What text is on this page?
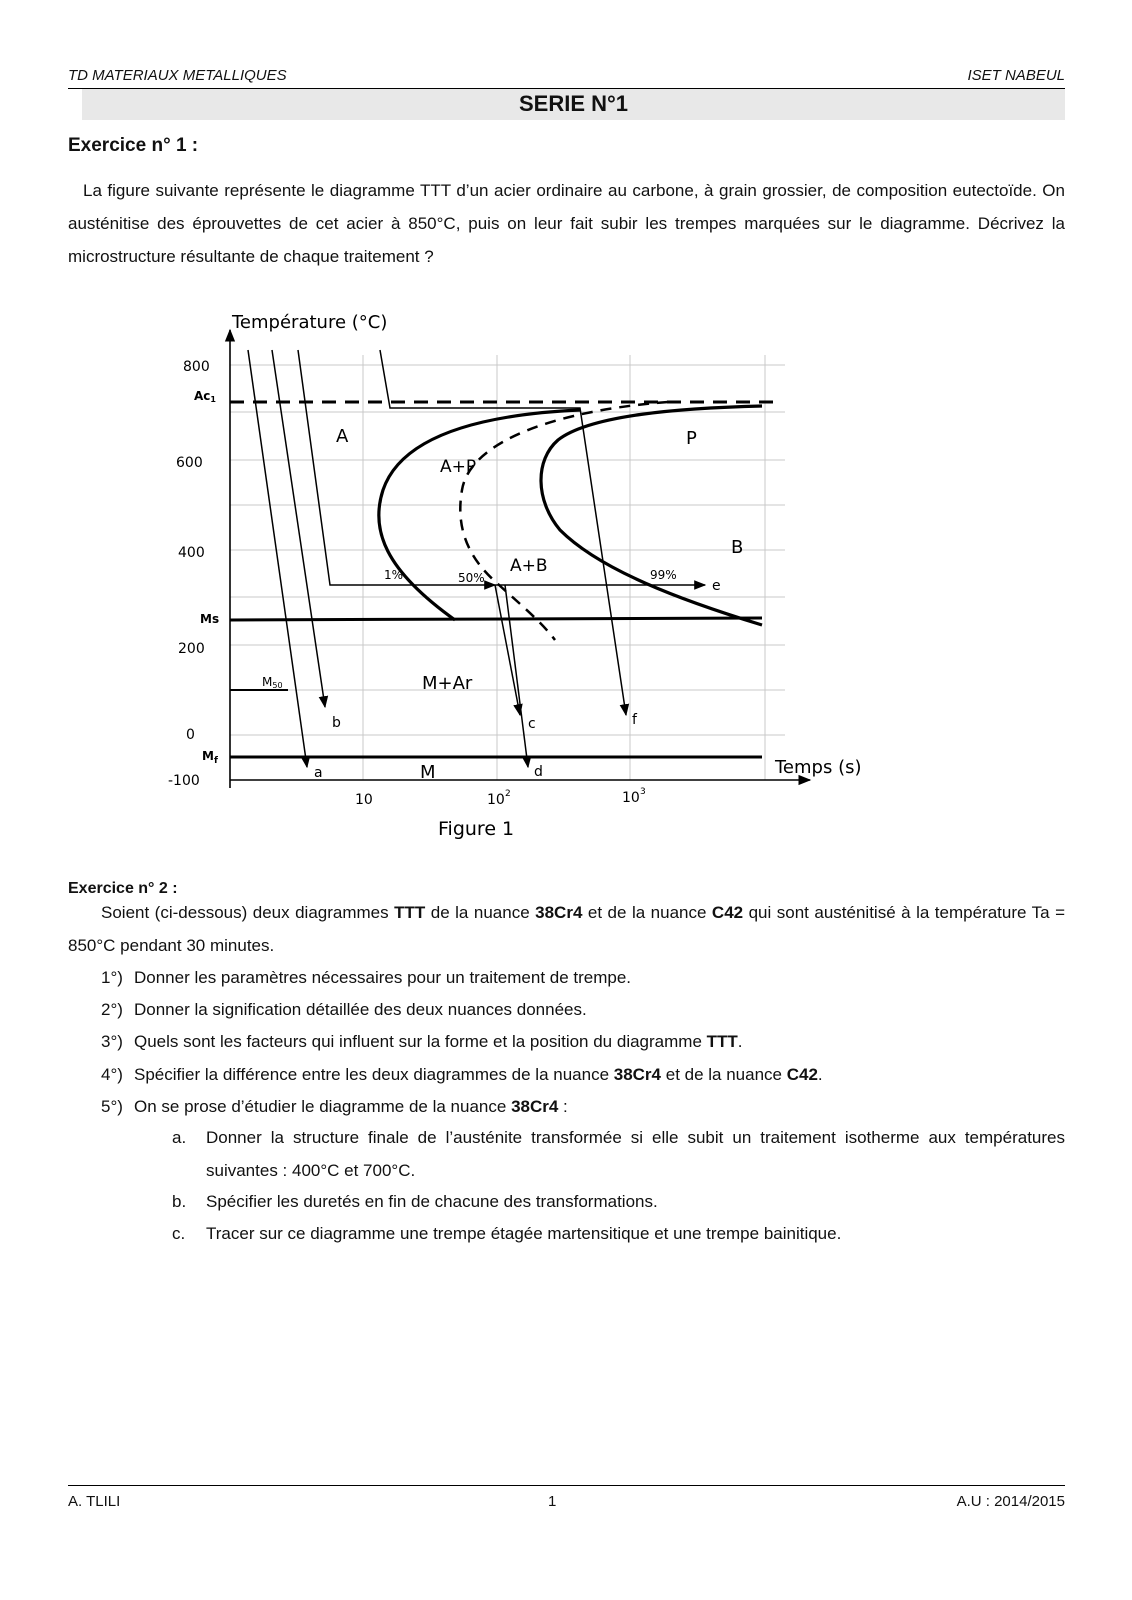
TD MATERIAUX METALLIQUES	ISET NABEUL
SERIE N°1
Exercice n° 1 :
La figure suivante représente le diagramme TTT d’un acier ordinaire au carbone, à grain grossier, de composition eutectoïde. On austénitise des éprouvettes de cet acier à 850°C, puis on leur fait subir les trempes marquées sur le diagramme. Décrivez la microstructure résultante de chaque traitement ?
Température (°C)
Temps (s)
800
600
400
200
0
-100
10	10 2	10 3
Ac1
Ms
$M_f$
M50
A
A+P
P
A+B
B
M+Ar
M
1%	50%	99%
a
b	c
d
e
f
Figure 1
Exercice n° 2 :
Soient (ci-dessous) deux diagrammes TTT de la nuance 38Cr4 et de la nuance C42 qui sont austénitisé à la température Ta = 850°C pendant 30 minutes.
1°) Donner les paramètres nécessaires pour un traitement de trempe.
2°) Donner la signification détaillée des deux nuances données.
3°) Quels sont les facteurs qui influent sur la forme et la position du diagramme TTT.
4°) Spécifier la différence entre les deux diagrammes de la nuance 38Cr4 et de la nuance C42.
5°) On se prose d’étudier le diagramme de la nuance 38Cr4 :
a. Donner la structure finale de l’austénite transformée si elle subit un traitement isotherme aux températures suivantes : 400°C et 700°C.
b. Spécifier les duretés en fin de chacune des transformations.
c. Tracer sur ce diagramme une trempe étagée martensitique et une trempe bainitique.
A. TLILI	1	A.U : 2014/2015
